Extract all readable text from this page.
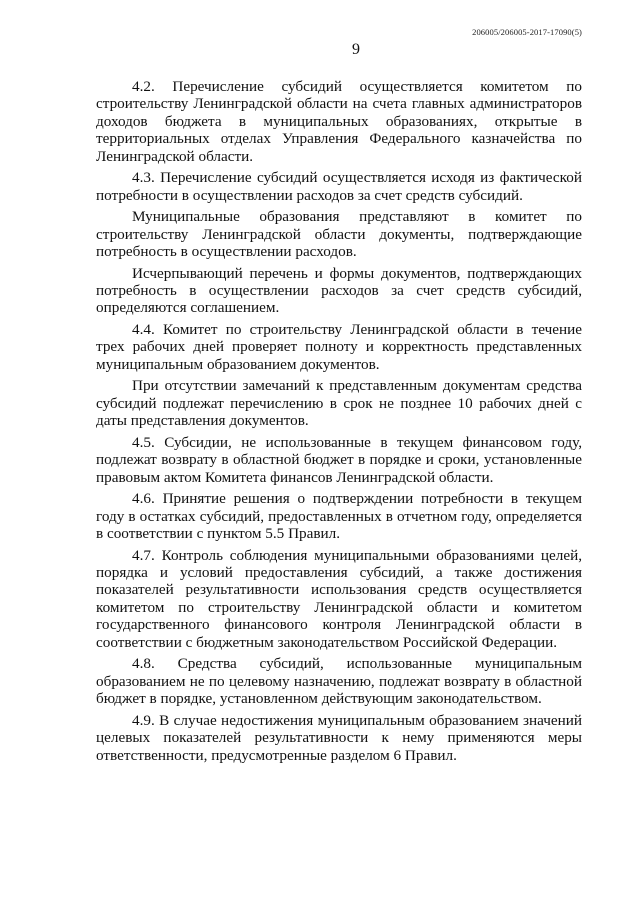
206005/206005-2017-17090(5)
9

4.2. Перечисление субсидий осуществляется комитетом по строительству Ленинградской области на счета главных администраторов доходов бюджета в муниципальных образованиях, открытые в территориальных отделах Управления Федерального казначейства по Ленинградской области.

4.3. Перечисление субсидий осуществляется исходя из фактической потребности в осуществлении расходов за счет средств субсидий.

Муниципальные образования представляют в комитет по строительству Ленинградской области документы, подтверждающие потребность в осуществлении расходов.

Исчерпывающий перечень и формы документов, подтверждающих потребность в осуществлении расходов за счет средств субсидий, определяются соглашением.

4.4. Комитет по строительству Ленинградской области в течение трех рабочих дней проверяет полноту и корректность представленных муниципальным образованием документов.

При отсутствии замечаний к представленным документам средства субсидий подлежат перечислению в срок не позднее 10 рабочих дней с даты представления документов.

4.5. Субсидии, не использованные в текущем финансовом году, подлежат возврату в областной бюджет в порядке и сроки, установленные правовым актом Комитета финансов Ленинградской области.

4.6. Принятие решения о подтверждении потребности в текущем году в остатках субсидий, предоставленных в отчетном году, определяется в соответствии с пунктом 5.5 Правил.

4.7. Контроль соблюдения муниципальными образованиями целей, порядка и условий предоставления субсидий, а также достижения показателей результативности использования средств осуществляется комитетом по строительству Ленинградской области и комитетом государственного финансового контроля Ленинградской области в соответствии с бюджетным законодательством Российской Федерации.

4.8. Средства субсидий, использованные муниципальным образованием не по целевому назначению, подлежат возврату в областной бюджет в порядке, установленном действующим законодательством.

4.9. В случае недостижения муниципальным образованием значений целевых показателей результативности к нему применяются меры ответственности, предусмотренные разделом 6 Правил.
